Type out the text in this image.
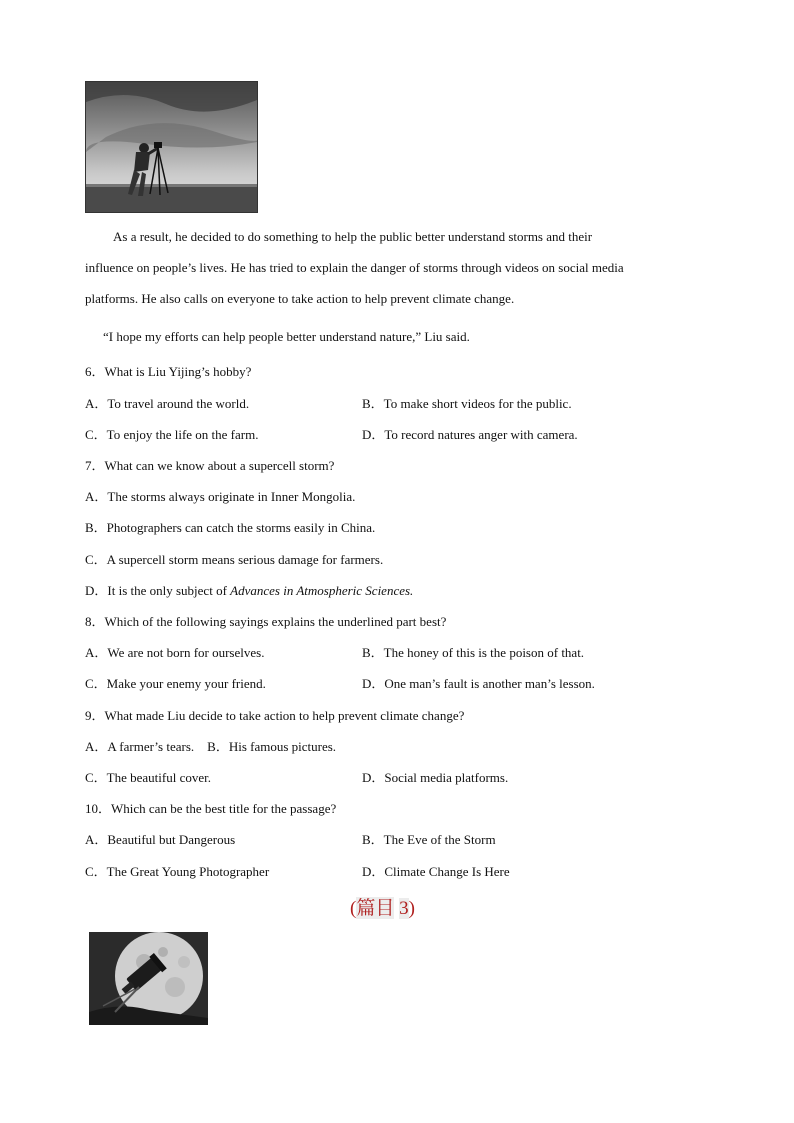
As a result, he decided to do something to help the public better understand storms and their
influence on people’s lives. He has tried to explain the danger of storms through videos on social media
platforms. He also calls on everyone to take action to help prevent climate change.
“I hope my efforts can help people better understand nature,” Liu said.
6．What is Liu Yijing’s hobby?
A．To travel around the world.	B．To make short videos for the public.
C．To enjoy the life on the farm.	D．To record natures anger with camera.
7．What can we know about a supercell storm?
A．The storms always originate in Inner Mongolia.
B．Photographers can catch the storms easily in China.
C．A supercell storm means serious damage for farmers.
D．It is the only subject of Advances in Atmospheric Sciences.
8．Which of the following sayings explains the underlined part best?
A．We are not born for ourselves.	B．The honey of this is the poison of that.
C．Make your enemy your friend.	D．One man’s fault is another man’s lesson.
9．What made Liu decide to take action to help prevent climate change?
A．A farmer’s tears.　B．His famous pictures.
C．The beautiful cover.	D．Social media platforms.
10．Which can be the best title for the passage?
A．Beautiful but Dangerous	B．The Eve of the Storm
C．The Great Young Photographer	D．Climate Change Is Here
(篇目 3)
